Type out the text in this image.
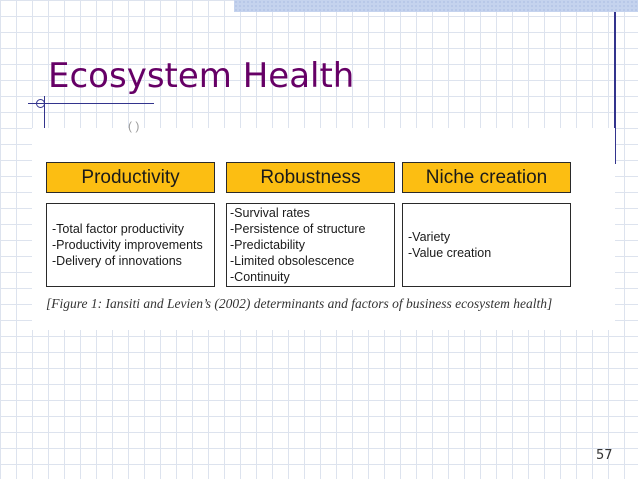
Ecosystem Health
( )
Productivity	Robustness	Niche creation
-Total factor productivity
-Productivity improvements
-Delivery of innovations
-Survival rates
-Persistence of structure
-Predictability
-Limited obsolescence
-Continuity
-Variety
-Value creation
[Figure 1: Iansiti and Levien’s (2002) determinants and factors of business ecosystem health]
57
